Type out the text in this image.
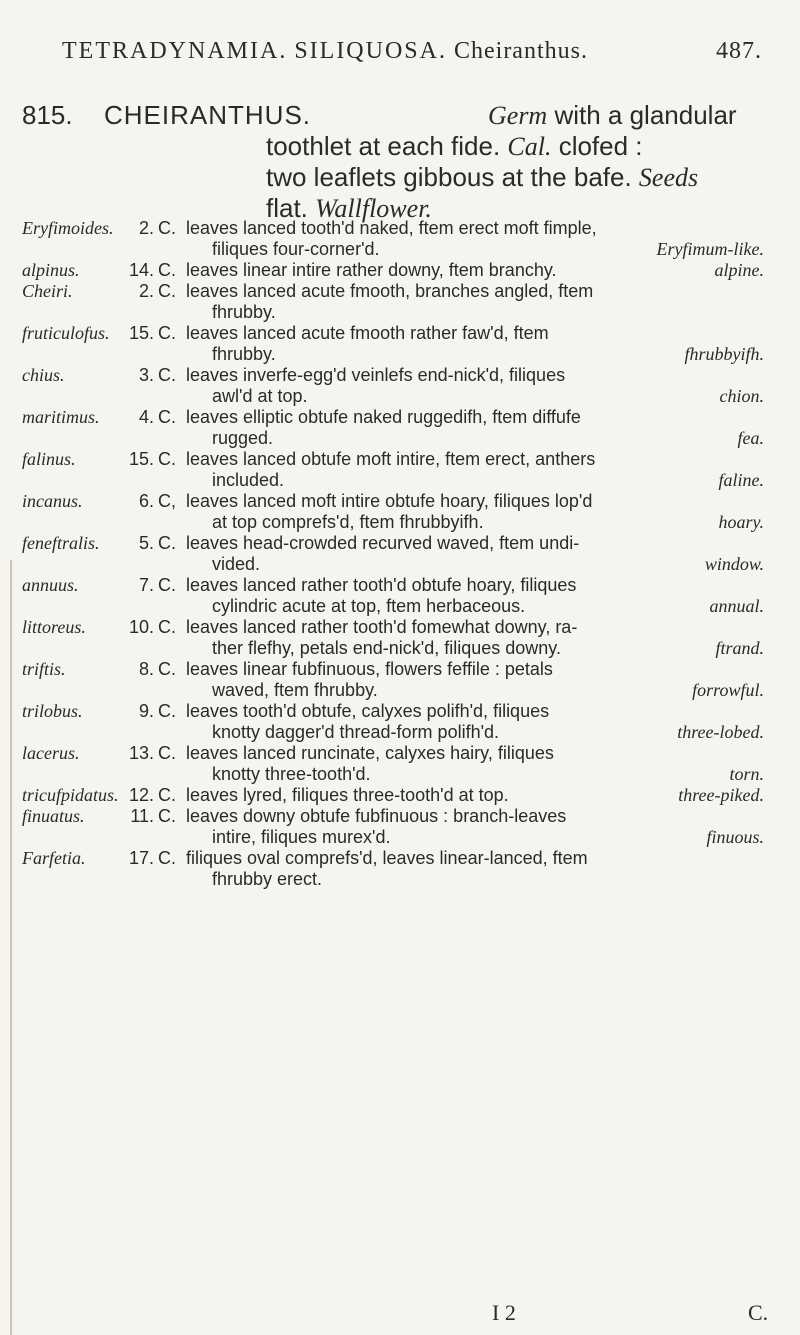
TETRADYNAMIA. SILIQUOSA. Cheiranthus.	487.
815. CHEIRANTHUS.	Germ with a glandular
toothlet at each fide. Cal. clofed :
two leaflets gibbous at the bafe. Seeds
flat. Wallflower.
Eryfimoides.	2. C. leaves lanced tooth'd naked, ftem erect moft fimple,
filiques four-corner'd.	Eryfimum-like.
alpinus.	14. C. leaves linear intire rather downy, ftem branchy.	alpine.
Cheiri.	2. C. leaves lanced acute fmooth, branches angled, ftem
fhrubby.
fruticulofus.	15. C. leaves lanced acute fmooth rather faw'd, ftem
fhrubby.	fhrubbyifh.
chius.	3. C. leaves inverfe-egg'd veinlefs end-nick'd, filiques
awl'd at top.	chion.
maritimus.	4. C. leaves elliptic obtufe naked ruggedifh, ftem diffufe
rugged.	fea.
falinus.	15. C. leaves lanced obtufe moft intire, ftem erect, anthers
included.	faline.
incanus.	6. C, leaves lanced moft intire obtufe hoary, filiques lop'd
at top comprefs'd, ftem fhrubbyifh.	hoary.
feneftralis.	5. C. leaves head-crowded recurved waved, ftem undi-
vided.	window.
annuus.	7. C. leaves lanced rather tooth'd obtufe hoary, filiques
cylindric acute at top, ftem herbaceous.	annual.
littoreus.	10. C. leaves lanced rather tooth'd fomewhat downy, ra-
ther flefhy, petals end-nick'd, filiques downy.	ftrand.
triftis.	8. C. leaves linear fubfinuous, flowers feffile : petals
waved, ftem fhrubby.	forrowful.
trilobus.	9. C. leaves tooth'd obtufe, calyxes polifh'd, filiques
knotty dagger'd thread-form polifh'd.	three-lobed.
lacerus.	13. C. leaves lanced runcinate, calyxes hairy, filiques
knotty three-tooth'd.	torn.
tricufpidatus. 12. C. leaves lyred, filiques three-tooth'd at top.	three-piked.
finuatus.	11. C. leaves downy obtufe fubfinuous : branch-leaves
intire, filiques murex'd.	finuous.
Farfetia.	17. C. filiques oval comprefs'd, leaves linear-lanced, ftem
fhrubby erect.
I 2	C.
